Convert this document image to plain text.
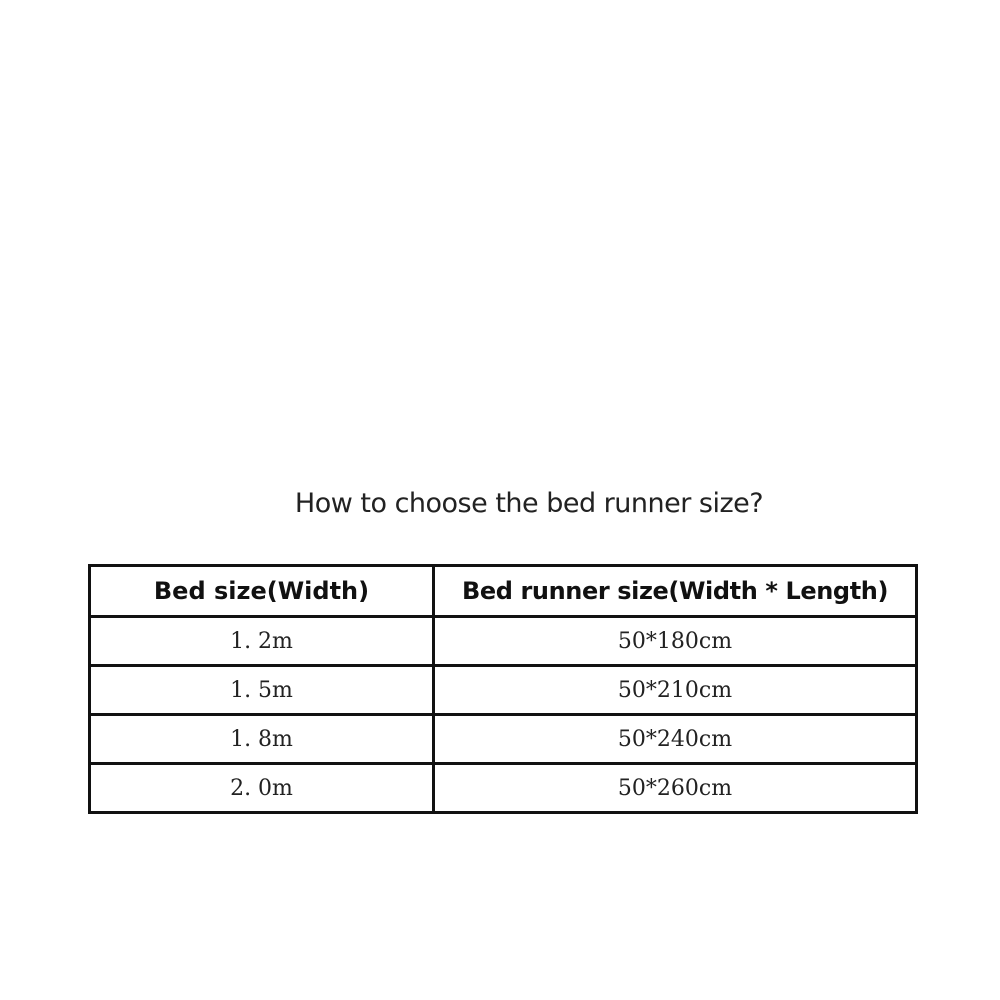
How to choose the bed runner size?
Bed size(Width)	Bed runner size(Width * Length)
1. 2m	50*180cm
1. 5m	50*210cm
1. 8m	50*240cm
2. 0m	50*260cm
